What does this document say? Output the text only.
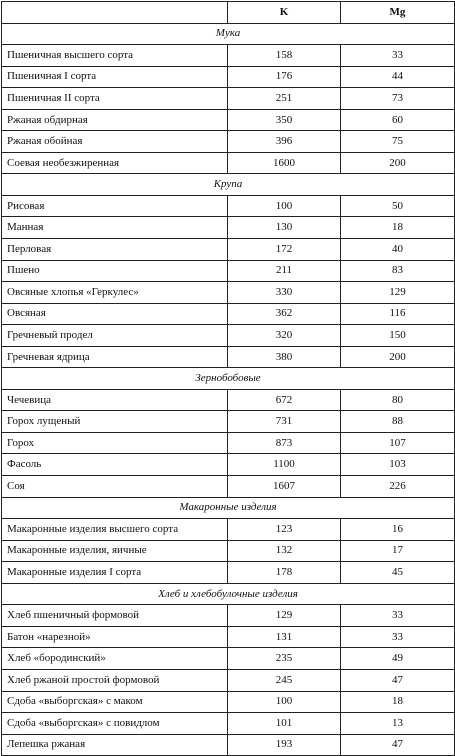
	K	Mg
Мука		
Пшеничная высшего сорта	158	33
Пшеничная I сорта	176	44
Пшеничная II сорта	251	73
Ржаная обдирная	350	60
Ржаная обойная	396	75
Соевая необезжиренная	1600	200
Крупа		
Рисовая	100	50
Манная	130	18
Перловая	172	40
Пшено	211	83
Овсяные хлопья «Геркулес»	330	129
Овсяная	362	116
Гречневый продел	320	150
Гречневая ядрица	380	200
Зернобобовые		
Чечевица	672	80
Горох лущеный	731	88
Горох	873	107
Фасоль	1100	103
Соя	1607	226
Макаронные изделия		
Макаронные изделия высшего сорта	123	16
Макаронные изделия, яичные	132	17
Макаронные изделия I сорта	178	45
Хлеб и хлебобулочные изделия		
Хлеб пшеничный формовой	129	33
Батон «нарезной»	131	33
Хлеб «бородинский»	235	49
Хлеб ржаной простой формовой	245	47
Сдоба «выборгская» с маком	100	18
Сдоба «выборгская» с повидлом	101	13
Лепешка ржаная	193	47
